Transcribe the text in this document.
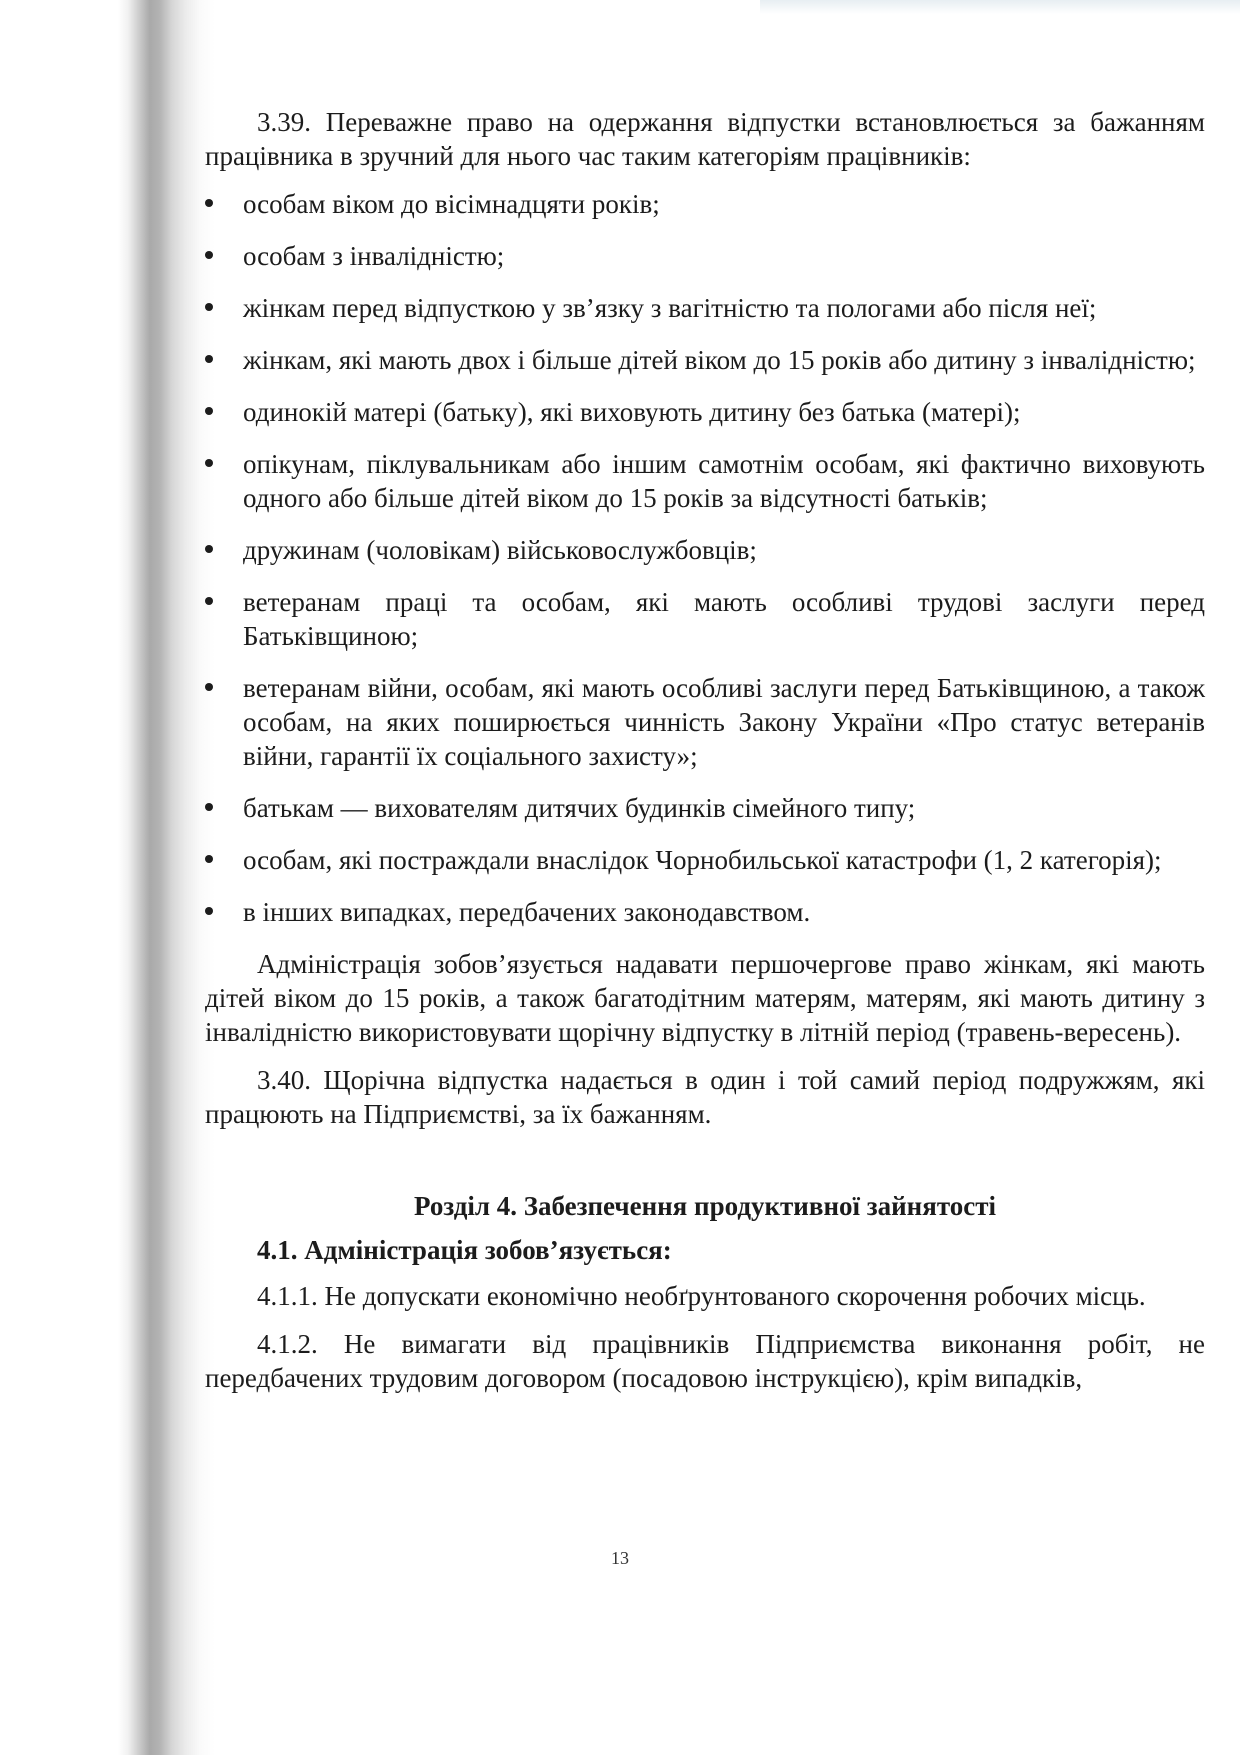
3.39. Переважне право на одержання відпустки встановлюється за бажанням працівника в зручний для нього час таким категоріям працівників:

особам віком до вісімнадцяти років;
особам з інвалідністю;
жінкам перед відпусткою у зв’язку з вагітністю та пологами або після неї;
жінкам, які мають двох і більше дітей віком до 15 років або дитину з інвалідністю;
одинокій матері (батьку), які виховують дитину без батька (матері);
опікунам, піклувальникам або іншим самотнім особам, які фактично виховують одного або більше дітей віком до 15 років за відсутності батьків;
дружинам (чоловікам) військовослужбовців;
ветеранам праці та особам, які мають особливі трудові заслуги перед Батьківщиною;
ветеранам війни, особам, які мають особливі заслуги перед Батьківщиною, а також особам, на яких поширюється чинність Закону України «Про статус ветеранів війни, гарантії їх соціального захисту»;
батькам — вихователям дитячих будинків сімейного типу;
особам, які постраждали внаслідок Чорнобильської катастрофи (1, 2 категорія);
в інших випадках, передбачених законодавством.

Адміністрація зобов’язується надавати першочергове право жінкам, які мають дітей віком до 15 років, а також багатодітним матерям, матерям, які мають дитину з інвалідністю використовувати щорічну відпустку в літній період (травень-вересень).

3.40. Щорічна відпустка надається в один і той самий період подружжям, які працюють на Підприємстві, за їх бажанням.

Розділ 4. Забезпечення продуктивної зайнятості

4.1. Адміністрація зобов’язується:

4.1.1. Не допускати економічно необґрунтованого скорочення робочих місць.

4.1.2. Не вимагати від працівників Підприємства виконання робіт, не передбачених трудовим договором (посадовою інструкцією), крім випадків,

13
